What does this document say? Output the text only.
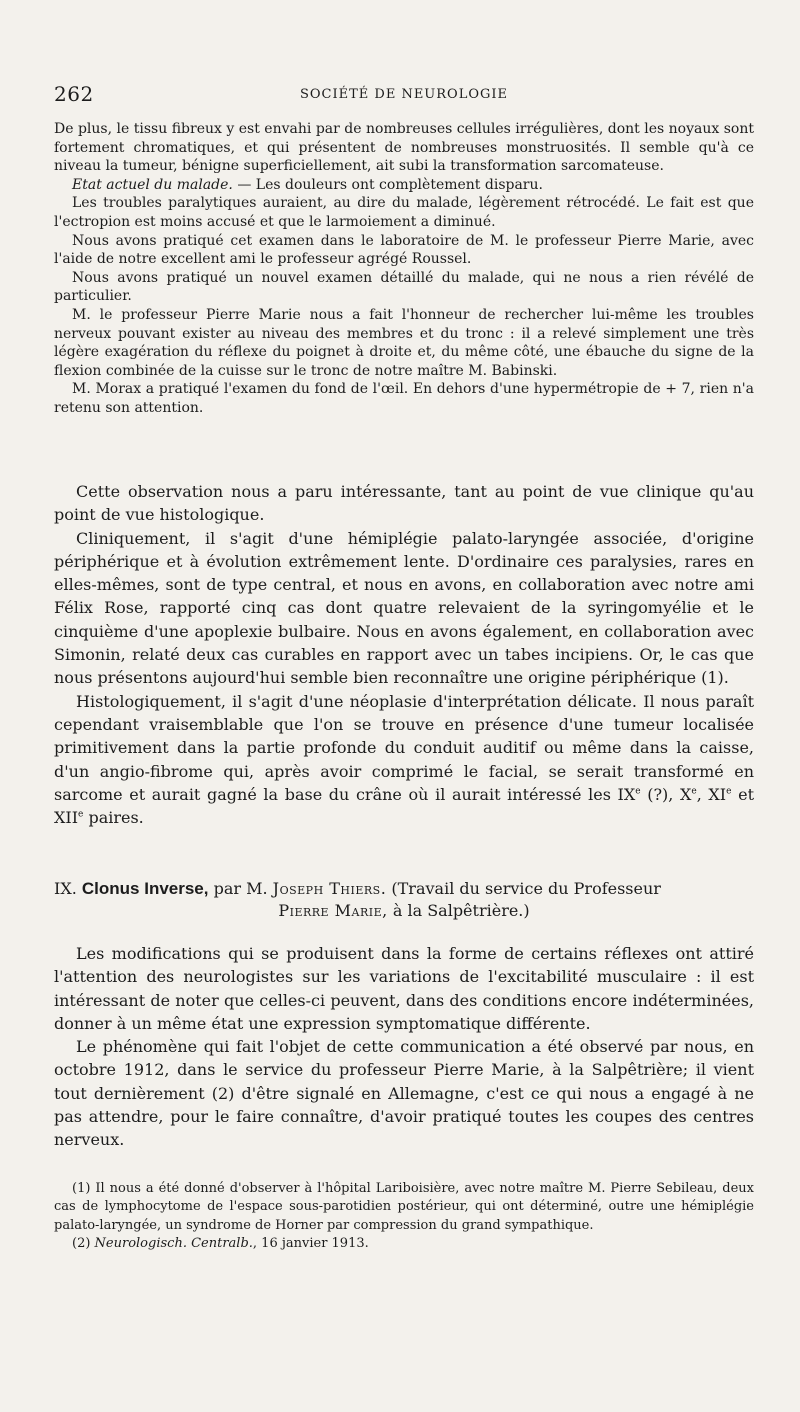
262	SOCIÉTÉ DE NEUROLOGIE

De plus, le tissu fibreux y est envahi par de nombreuses cellules irrégulières, dont les noyaux sont fortement chromatiques, et qui présentent de nombreuses monstruosités. Il semble qu'à ce niveau la tumeur, bénigne superficiellement, ait subi la transformation sarcomateuse.

Etat actuel du malade. — Les douleurs ont complètement disparu.

Les troubles paralytiques auraient, au dire du malade, légèrement rétrocédé. Le fait est que l'ectropion est moins accusé et que le larmoiement a diminué.

Nous avons pratiqué cet examen dans le laboratoire de M. le professeur Pierre Marie, avec l'aide de notre excellent ami le professeur agrégé Roussel.

Nous avons pratiqué un nouvel examen détaillé du malade, qui ne nous a rien révélé de particulier.

M. le professeur Pierre Marie nous a fait l'honneur de rechercher lui-même les troubles nerveux pouvant exister au niveau des membres et du tronc : il a relevé simplement une très légère exagération du réflexe du poignet à droite et, du même côté, une ébauche du signe de la flexion combinée de la cuisse sur le tronc de notre maître M. Babinski.

M. Morax a pratiqué l'examen du fond de l'œil. En dehors d'une hypermétropie de + 7, rien n'a retenu son attention.

Cette observation nous a paru intéressante, tant au point de vue clinique qu'au point de vue histologique.

Cliniquement, il s'agit d'une hémiplégie palato-laryngée associée, d'origine périphérique et à évolution extrêmement lente. D'ordinaire ces paralysies, rares en elles-mêmes, sont de type central, et nous en avons, en collaboration avec notre ami Félix Rose, rapporté cinq cas dont quatre relevaient de la syringomyélie et le cinquième d'une apoplexie bulbaire. Nous en avons également, en collaboration avec Simonin, relaté deux cas curables en rapport avec un tabes incipiens. Or, le cas que nous présentons aujourd'hui semble bien reconnaître une origine périphérique (1).

Histologiquement, il s'agit d'une néoplasie d'interprétation délicate. Il nous paraît cependant vraisemblable que l'on se trouve en présence d'une tumeur localisée primitivement dans la partie profonde du conduit auditif ou même dans la caisse, d'un angio-fibrome qui, après avoir comprimé le facial, se serait transformé en sarcome et aurait gagné la base du crâne où il aurait intéressé les IXe (?), Xe, XIe et XIIe paires.

IX. Clonus Inverse, par M. Joseph Thiers. (Travail du service du Professeur
Pierre Marie, à la Salpêtrière.)

Les modifications qui se produisent dans la forme de certains réflexes ont attiré l'attention des neurologistes sur les variations de l'excitabilité musculaire : il est intéressant de noter que celles-ci peuvent, dans des conditions encore indéterminées, donner à un même état une expression symptomatique différente.

Le phénomène qui fait l'objet de cette communication a été observé par nous, en octobre 1912, dans le service du professeur Pierre Marie, à la Salpêtrière; il vient tout dernièrement (2) d'être signalé en Allemagne, c'est ce qui nous a engagé à ne pas attendre, pour le faire connaître, d'avoir pratiqué toutes les coupes des centres nerveux.

(1) Il nous a été donné d'observer à l'hôpital Lariboisière, avec notre maître M. Pierre Sebileau, deux cas de lymphocytome de l'espace sous-parotidien postérieur, qui ont déterminé, outre une hémiplégie palato-laryngée, un syndrome de Horner par compression du grand sympathique.

(2) Neurologisch. Centralb., 16 janvier 1913.
